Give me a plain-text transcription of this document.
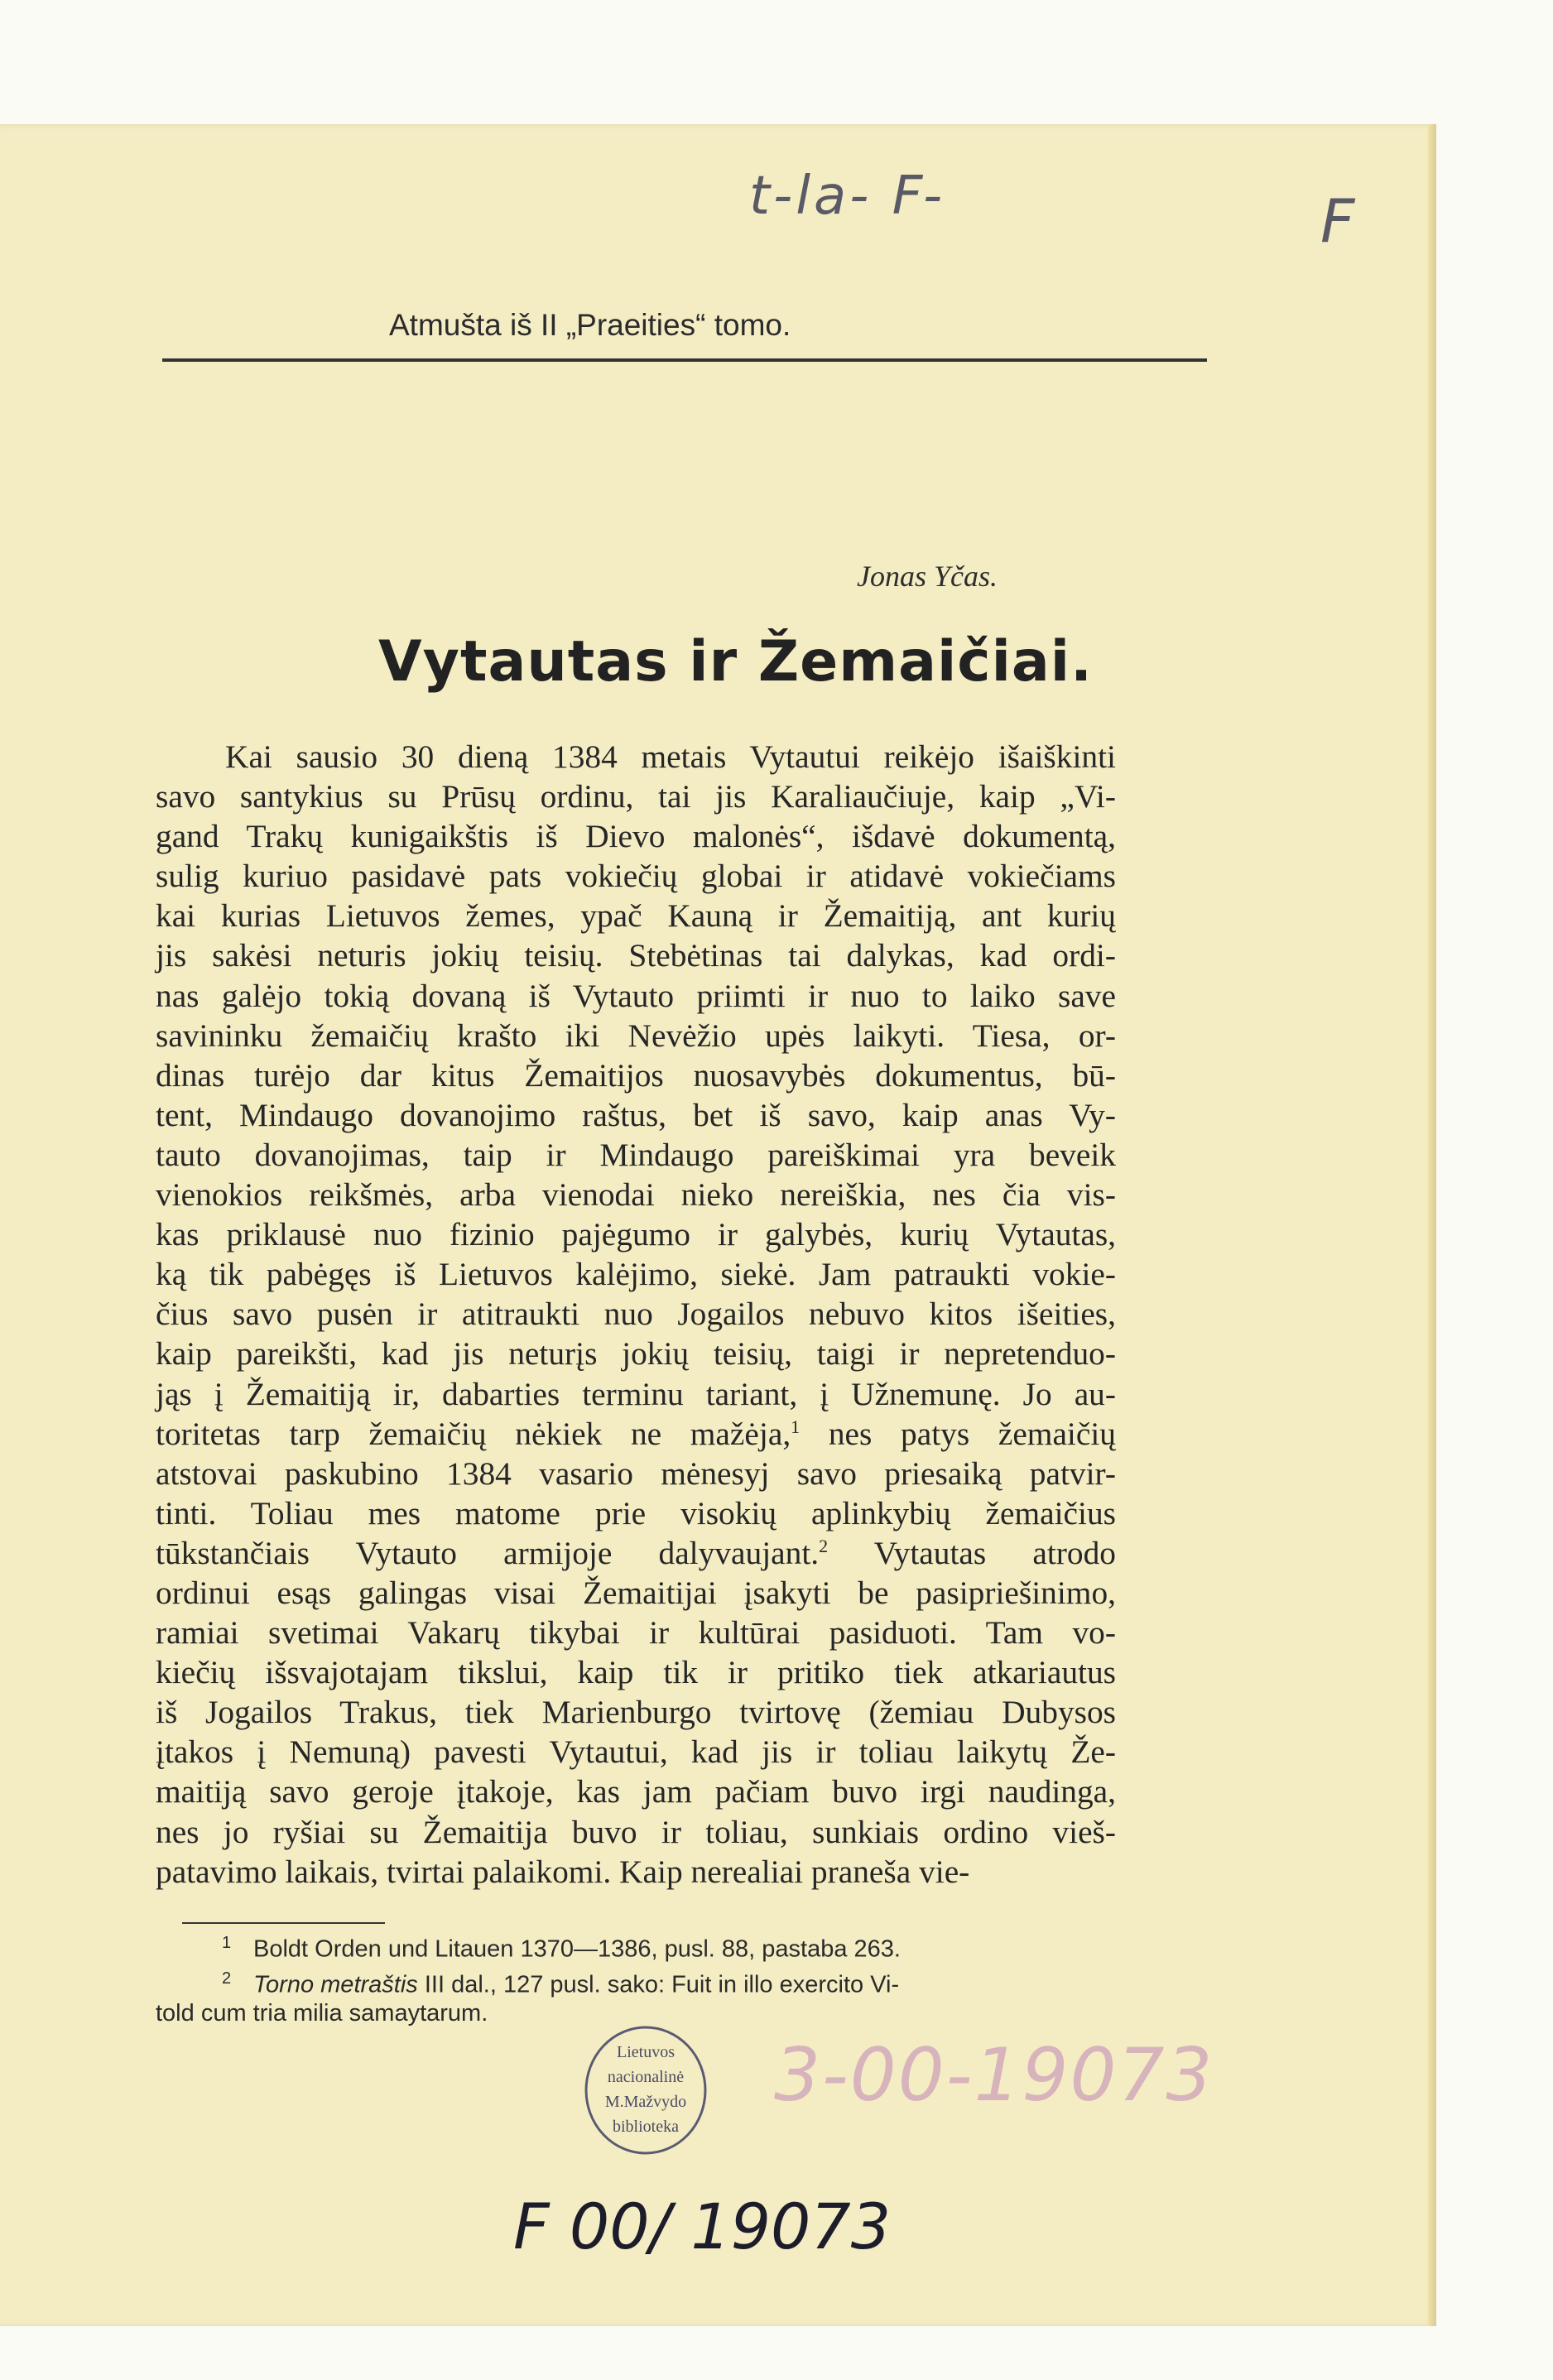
t-la- F-	F
Atmušta iš II „Praeities“ tomo.
Jonas Yčas.
Vytautas ir Žemaičiai.
Kai sausio 30 dieną 1384 metais Vytautui reikėjo išaiškinti
savo santykius su Prūsų ordinu, tai jis Karaliaučiuje, kaip „Vi-
gand Trakų kunigaikštis iš Dievo malonės“, išdavė dokumentą,
sulig kuriuo pasidavė pats vokiečių globai ir atidavė vokiečiams
kai kurias Lietuvos žemes, ypač Kauną ir Žemaitiją, ant kurių
jis sakėsi neturis jokių teisių. Stebėtinas tai dalykas, kad ordi-
nas galėjo tokią dovaną iš Vytauto priimti ir nuo to laiko save
savininku žemaičių krašto iki Nevėžio upės laikyti. Tiesa, or-
dinas turėjo dar kitus Žemaitijos nuosavybės dokumentus, bū-
tent, Mindaugo dovanojimo raštus, bet iš savo, kaip anas Vy-
tauto dovanojimas, taip ir Mindaugo pareiškimai yra beveik
vienokios reikšmės, arba vienodai nieko nereiškia, nes čia vis-
kas priklausė nuo fizinio pajėgumo ir galybės, kurių Vytautas,
ką tik pabėgęs iš Lietuvos kalėjimo, siekė. Jam patraukti vokie-
čius savo pusėn ir atitraukti nuo Jogailos nebuvo kitos išeities,
kaip pareikšti, kad jis neturįs jokių teisių, taigi ir nepretenduo-
jąs į Žemaitiją ir, dabarties terminu tariant, į Užnemunę. Jo au-
toritetas tarp žemaičių nėkiek ne mažėja,$^1$ nes patys žemaičių
atstovai paskubino 1384 vasario mėnesyj savo priesaiką patvir-
tinti. Toliau mes matome prie visokių aplinkybių žemaičius
tūkstančiais Vytauto armijoje dalyvaujant.$^2$ Vytautas atrodo
ordinui esąs galingas visai Žemaitijai įsakyti be pasipriešinimo,
ramiai svetimai Vakarų tikybai ir kultūrai pasiduoti. Tam vo-
kiečių išsvajotajam tikslui, kaip tik ir pritiko tiek atkariautus
iš Jogailos Trakus, tiek Marienburgo tvirtovę (žemiau Dubysos
įtakos į Nemuną) pavesti Vytautui, kad jis ir toliau laikytų Že-
maitiją savo geroje įtakoje, kas jam pačiam buvo irgi naudinga,
nes jo ryšiai su Žemaitija buvo ir toliau, sunkiais ordino vieš-
patavimo laikais, tvirtai palaikomi. Kaip nerealiai praneša vie-
1 Boldt Orden und Litauen 1370—1386, pusl. 88, pastaba 263.
2 Torno metraštis III dal., 127 pusl. sako: Fuit in illo exercito Vi-
told cum tria milia samaytarum.
Lietuvos
nacionalinė
M.Mažvydo
biblioteka
3-00-19073
F 00/ 19073
